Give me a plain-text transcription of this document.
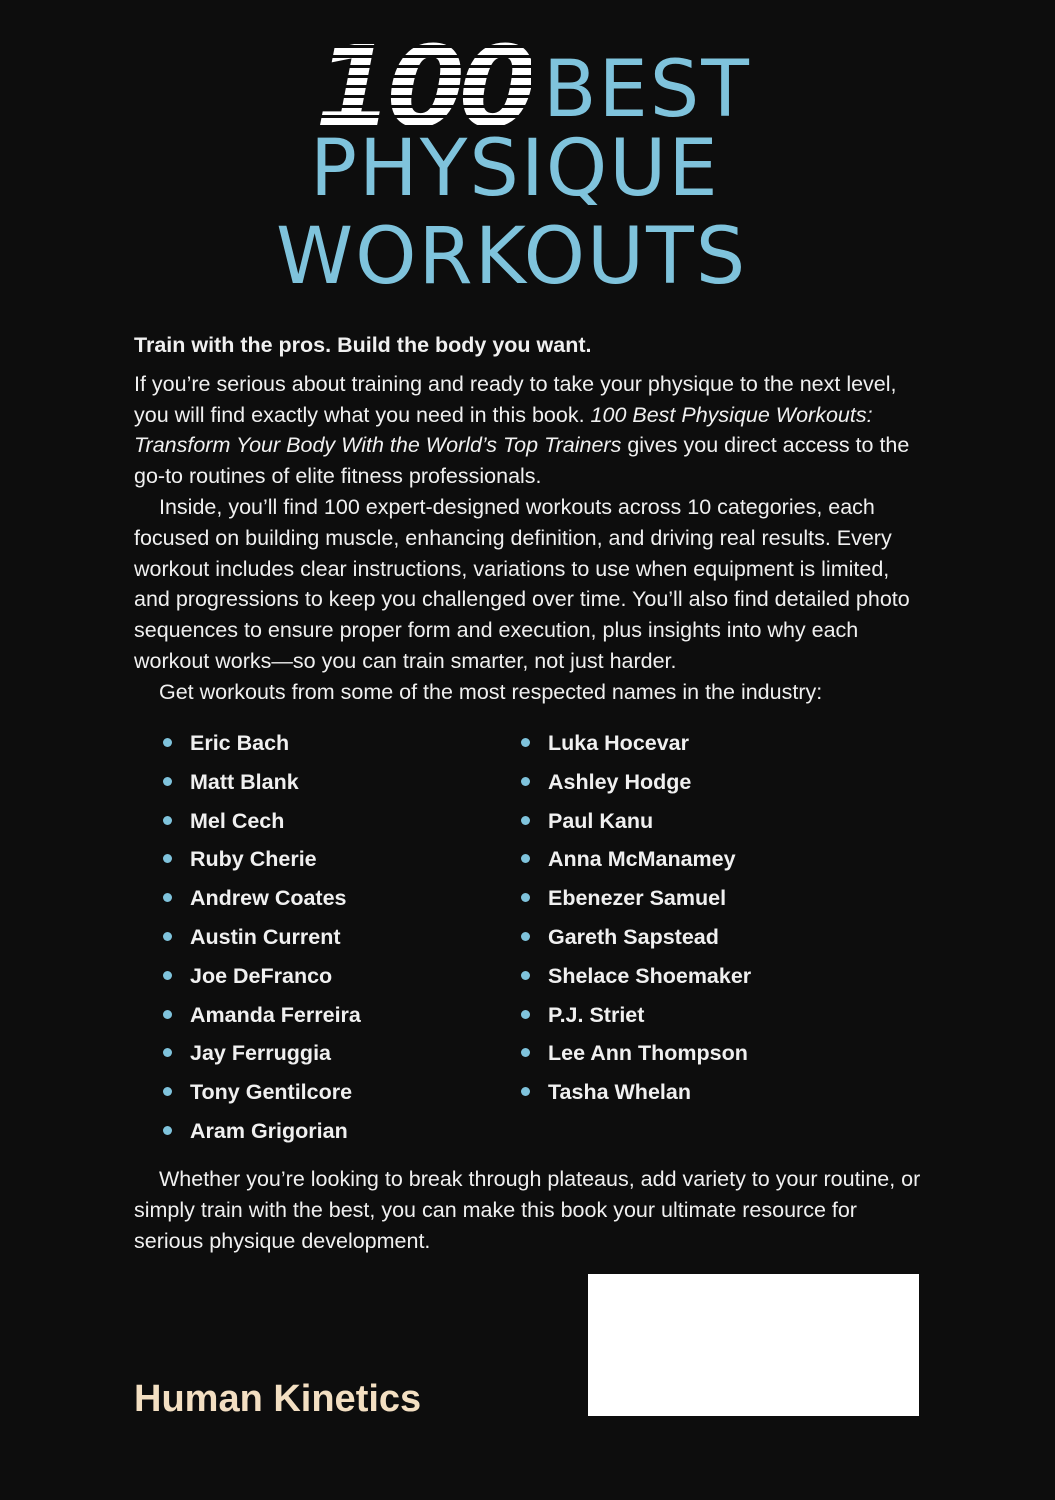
100 BEST
PHYSIQUE
WORKOUTS

Train with the pros. Build the body you want.

If you’re serious about training and ready to take your physique to the next level, you will find exactly what you need in this book. 100 Best Physique Workouts: Transform Your Body With the World’s Top Trainers gives you direct access to the go-to routines of elite fitness professionals.

Inside, you’ll find 100 expert-designed workouts across 10 categories, each focused on building muscle, enhancing definition, and driving real results. Every workout includes clear instructions, variations to use when equipment is limited, and progressions to keep you challenged over time. You’ll also find detailed photo sequences to ensure proper form and execution, plus insights into why each workout works—so you can train smarter, not just harder.

Get workouts from some of the most respected names in the industry:

Eric Bach
Matt Blank
Mel Cech
Ruby Cherie
Andrew Coates
Austin Current
Joe DeFranco
Amanda Ferreira
Jay Ferruggia
Tony Gentilcore
Aram Grigorian
Luka Hocevar
Ashley Hodge
Paul Kanu
Anna McManamey
Ebenezer Samuel
Gareth Sapstead
Shelace Shoemaker
P.J. Striet
Lee Ann Thompson
Tasha Whelan

Whether you’re looking to break through plateaus, add variety to your routine, or simply train with the best, you can make this book your ultimate resource for serious physique development.

Human Kinetics
